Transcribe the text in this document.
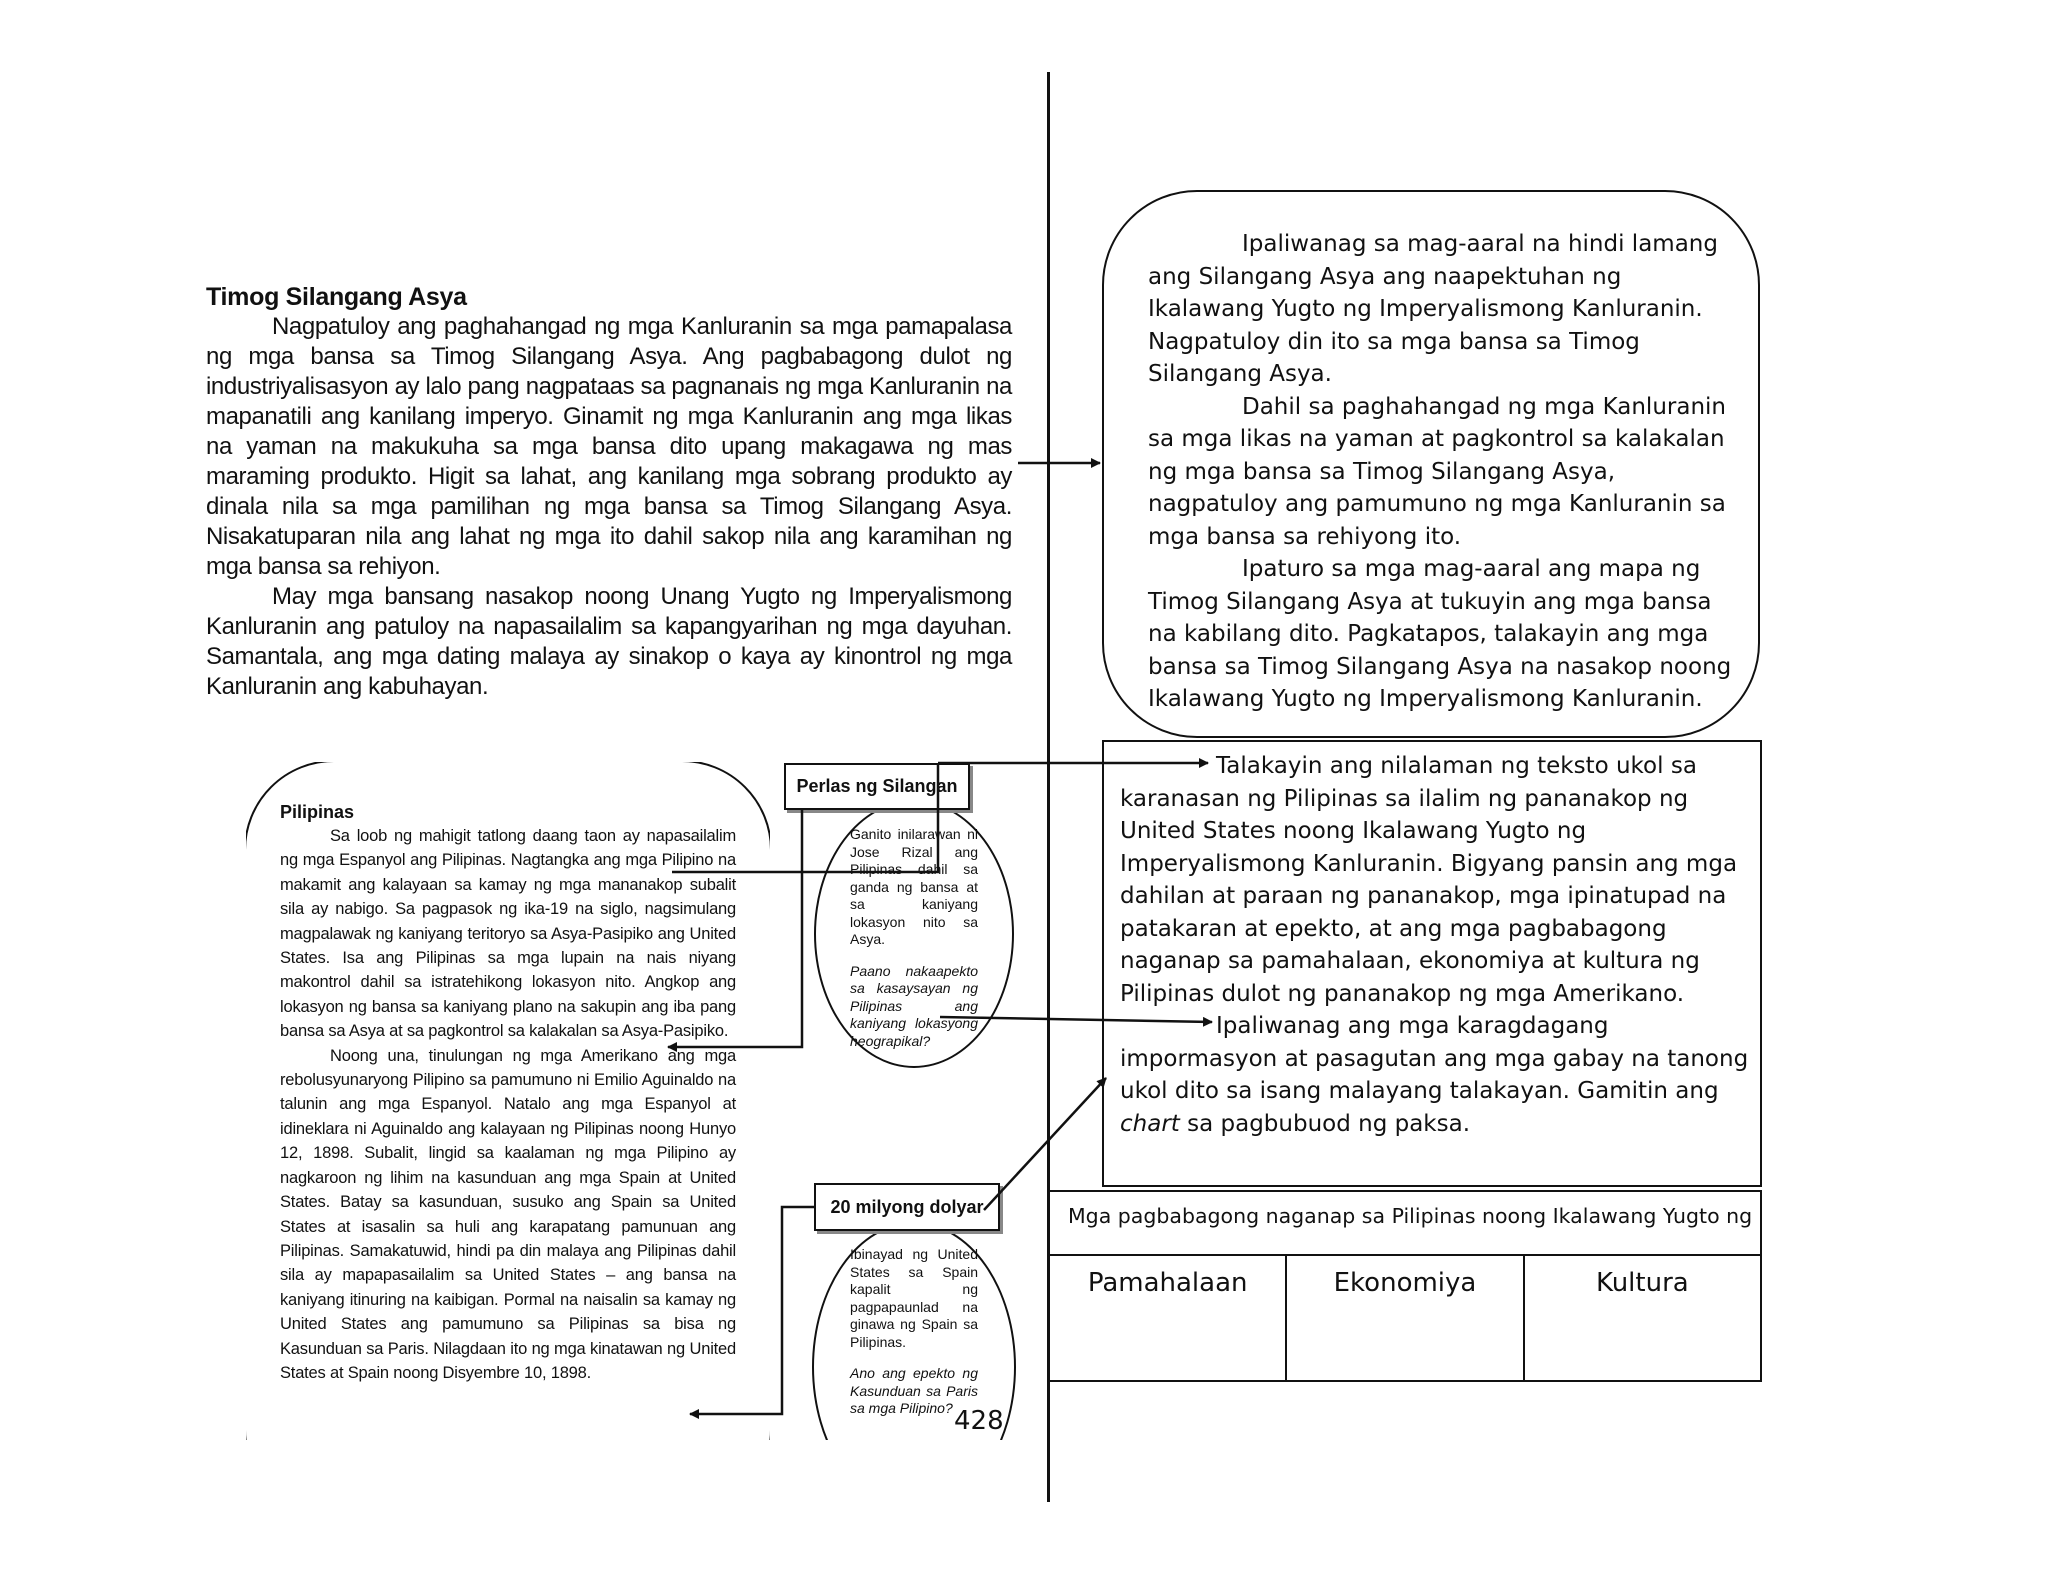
Timog Silangang Asya

Nagpatuloy ang paghahangad ng mga Kanluranin sa mga pamapalasa ng mga bansa sa Timog Silangang Asya. Ang pagbabagong dulot ng industriyalisasyon ay lalo pang nagpataas sa pagnanais ng mga Kanluranin na mapanatili ang kanilang imperyo. Ginamit ng mga Kanluranin ang mga likas na yaman na makukuha sa mga bansa dito upang makagawa ng mas maraming produkto. Higit sa lahat, ang kanilang mga sobrang produkto ay dinala nila sa mga pamilihan ng mga bansa sa Timog Silangang Asya. Nisakatuparan nila ang lahat ng mga ito dahil sakop nila ang karamihan ng mga bansa sa rehiyon.

May mga bansang nasakop noong Unang Yugto ng Imperyalismong Kanluranin ang patuloy na napasailalim sa kapangyarihan ng mga dayuhan. Samantala, ang mga dating malaya ay sinakop o kaya ay kinontrol ng mga Kanluranin ang kabuhayan.

Pilipinas

Sa loob ng mahigit tatlong daang taon ay napasailalim ng mga Espanyol ang Pilipinas. Nagtangka ang mga Pilipino na makamit ang kalayaan sa kamay ng mga mananakop subalit sila ay nabigo. Sa pagpasok ng ika-19 na siglo, nagsimulang magpalawak ng kaniyang teritoryo sa Asya-Pasipiko ang United States. Isa ang Pilipinas sa mga lupain na nais niyang makontrol dahil sa istratehikong lokasyon nito. Angkop ang lokasyon ng bansa sa kaniyang plano na sakupin ang iba pang bansa sa Asya at sa pagkontrol sa kalakalan sa Asya-Pasipiko.

Noong una, tinulungan ng mga Amerikano ang mga rebolusyunaryong Pilipino sa pamumuno ni Emilio Aguinaldo na talunin ang mga Espanyol. Natalo ang mga Espanyol at idineklara ni Aguinaldo ang kalayaan ng Pilipinas noong Hunyo 12, 1898. Subalit, lingid sa kaalaman ng mga Pilipino ay nagkaroon ng lihim na kasunduan ang mga Spain at United States. Batay sa kasunduan, susuko ang Spain sa United States at isasalin sa huli ang karapatang pamunuan ang Pilipinas. Samakatuwid, hindi pa din malaya ang Pilipinas dahil sila ay mapapasailalim sa United States – ang bansa na kaniyang itinuring na kaibigan. Pormal na naisalin sa kamay ng United States ang pamumuno sa Pilipinas sa bisa ng Kasunduan sa Paris. Nilagdaan ito ng mga kinatawan ng United States at Spain noong Disyembre 10, 1898.

Perlas ng Silangan

Ganito inilarawan ni Jose Rizal ang Pilipinas dahil sa ganda ng bansa at sa kaniyang lokasyon nito sa Asya.

Paano nakaapekto sa kasaysayan ng Pilipinas ang kaniyang lokasyong heograpikal?

20 milyong dolyar

Ibinayad ng United States sa Spain kapalit ng pagpapaunlad na ginawa ng Spain sa Pilipinas.

Ano ang epekto ng Kasunduan sa Paris sa mga Pilipino? 428

Ipaliwanag sa mag-aaral na hindi lamang ang Silangang Asya ang naapektuhan ng Ikalawang Yugto ng Imperyalismong Kanluranin. Nagpatuloy din ito sa mga bansa sa Timog Silangang Asya.

Dahil sa paghahangad ng mga Kanluranin sa mga likas na yaman at pagkontrol sa kalakalan ng mga bansa sa Timog Silangang Asya, nagpatuloy ang pamumuno ng mga Kanluranin sa mga bansa sa rehiyong ito.

Ipaturo sa mga mag-aaral ang mapa ng Timog Silangang Asya at tukuyin ang mga bansa na kabilang dito. Pagkatapos, talakayin ang mga bansa sa Timog Silangang Asya na nasakop noong Ikalawang Yugto ng Imperyalismong Kanluranin.

Talakayin ang nilalaman ng teksto ukol sa karanasan ng Pilipinas sa ilalim ng pananakop ng United States noong Ikalawang Yugto ng Imperyalismong Kanluranin. Bigyang pansin ang mga dahilan at paraan ng pananakop, mga ipinatupad na patakaran at epekto, at ang mga pagbabagong naganap sa pamahalaan, ekonomiya at kultura ng Pilipinas dulot ng pananakop ng mga Amerikano.

Ipaliwanag ang mga karagdagang impormasyon at pasagutan ang mga gabay na tanong ukol dito sa isang malayang talakayan. Gamitin ang chart sa pagbubuod ng paksa.

Mga pagbabagong naganap sa Pilipinas noong Ikalawang Yugto ng
Pamahalaan	Ekonomiya	Kultura
